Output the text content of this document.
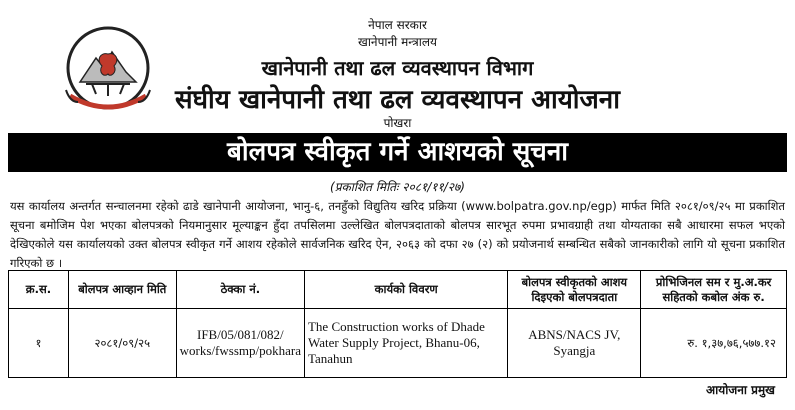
नेपाल सरकार
खानेपानी मन्त्रालय
खानेपानी तथा ढल व्यवस्थापन विभाग
संघीय खानेपानी तथा ढल व्यवस्थापन आयोजना
पोखरा
बोलपत्र स्वीकृत गर्ने आशयको सूचना
(प्रकाशित मितिः २०८१/११/२७)
यस कार्यालय अन्तर्गत सन्चालनमा रहेको ढाडे खानेपानी आयोजना, भानु-६, तनहुँको विद्युतिय खरिद प्रक्रिया (www.bolpatra.gov.np/egp) मार्फत मिति २०८१/०९/२५ मा प्रकाशित सूचना बमोजिम पेश भएका बोलपत्रको नियमानुसार मूल्याङ्कन हुँदा तपसिलमा उल्लेखित बोलपत्रदाताको बोलपत्र सारभूत रुपमा प्रभावग्राही तथा योग्यताका सबै आधारमा सफल भएको देखिएकोले यस कार्यालयको उक्त बोलपत्र स्वीकृत गर्ने आशय रहेकोले सार्वजनिक खरिद ऐन, २०६३ को दफा २७ (२) को प्रयोजनार्थ सम्बन्धित सबैको जानकारीको लागि यो सूचना प्रकाशित गरिएको छ ।
क्र.स.	बोलपत्र आव्हान मिति	ठेक्का नं.	कार्यको विवरण	बोलपत्र स्वीकृतको आशय दिइएको बोलपत्रदाता	प्रोभिजिनल सम र मु.अ.कर सहितको कबोल अंक रु.
१	२०८१/०९/२५	IFB/05/081/082/ works/fwssmp/pokhara	The Construction works of Dhade Water Supply Project, Bhanu-06, Tanahun	ABNS/NACS JV, Syangja	रु. १,३७,७६,५७७.१२
आयोजना प्रमुख
